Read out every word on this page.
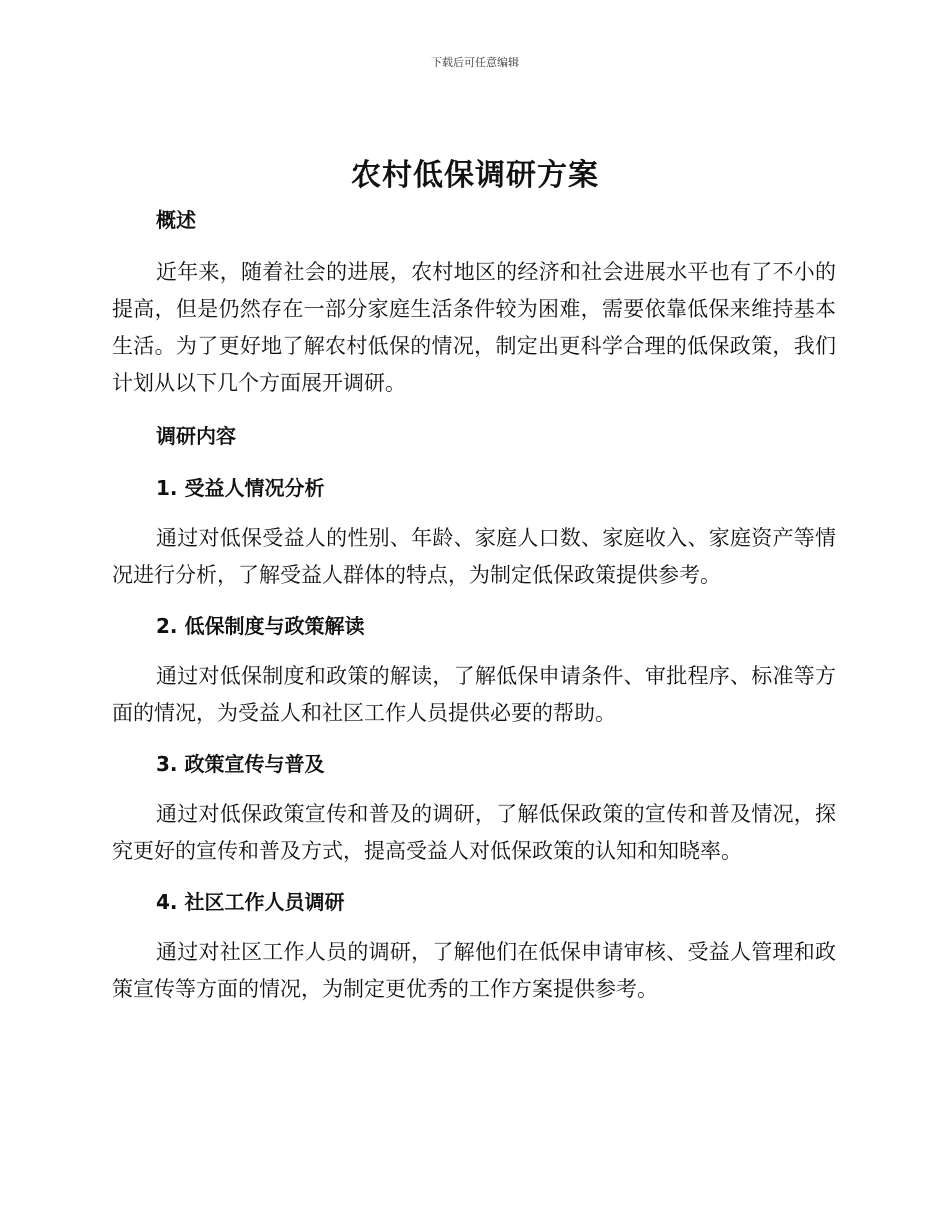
下载后可任意编辑
农村低保调研方案
概述

近年来，随着社会的进展，农村地区的经济和社会进展水平也有了不小的提高，但是仍然存在一部分家庭生活条件较为困难，需要依靠低保来维持基本生活。为了更好地了解农村低保的情况，制定出更科学合理的低保政策，我们计划从以下几个方面展开调研。

调研内容
1. 受益人情况分析

通过对低保受益人的性别、年龄、家庭人口数、家庭收入、家庭资产等情况进行分析，了解受益人群体的特点，为制定低保政策提供参考。

2. 低保制度与政策解读

通过对低保制度和政策的解读，了解低保申请条件、审批程序、标准等方面的情况，为受益人和社区工作人员提供必要的帮助。

3. 政策宣传与普及

通过对低保政策宣传和普及的调研，了解低保政策的宣传和普及情况，探究更好的宣传和普及方式，提高受益人对低保政策的认知和知晓率。

4. 社区工作人员调研

通过对社区工作人员的调研，了解他们在低保申请审核、受益人管理和政策宣传等方面的情况，为制定更优秀的工作方案提供参考。
